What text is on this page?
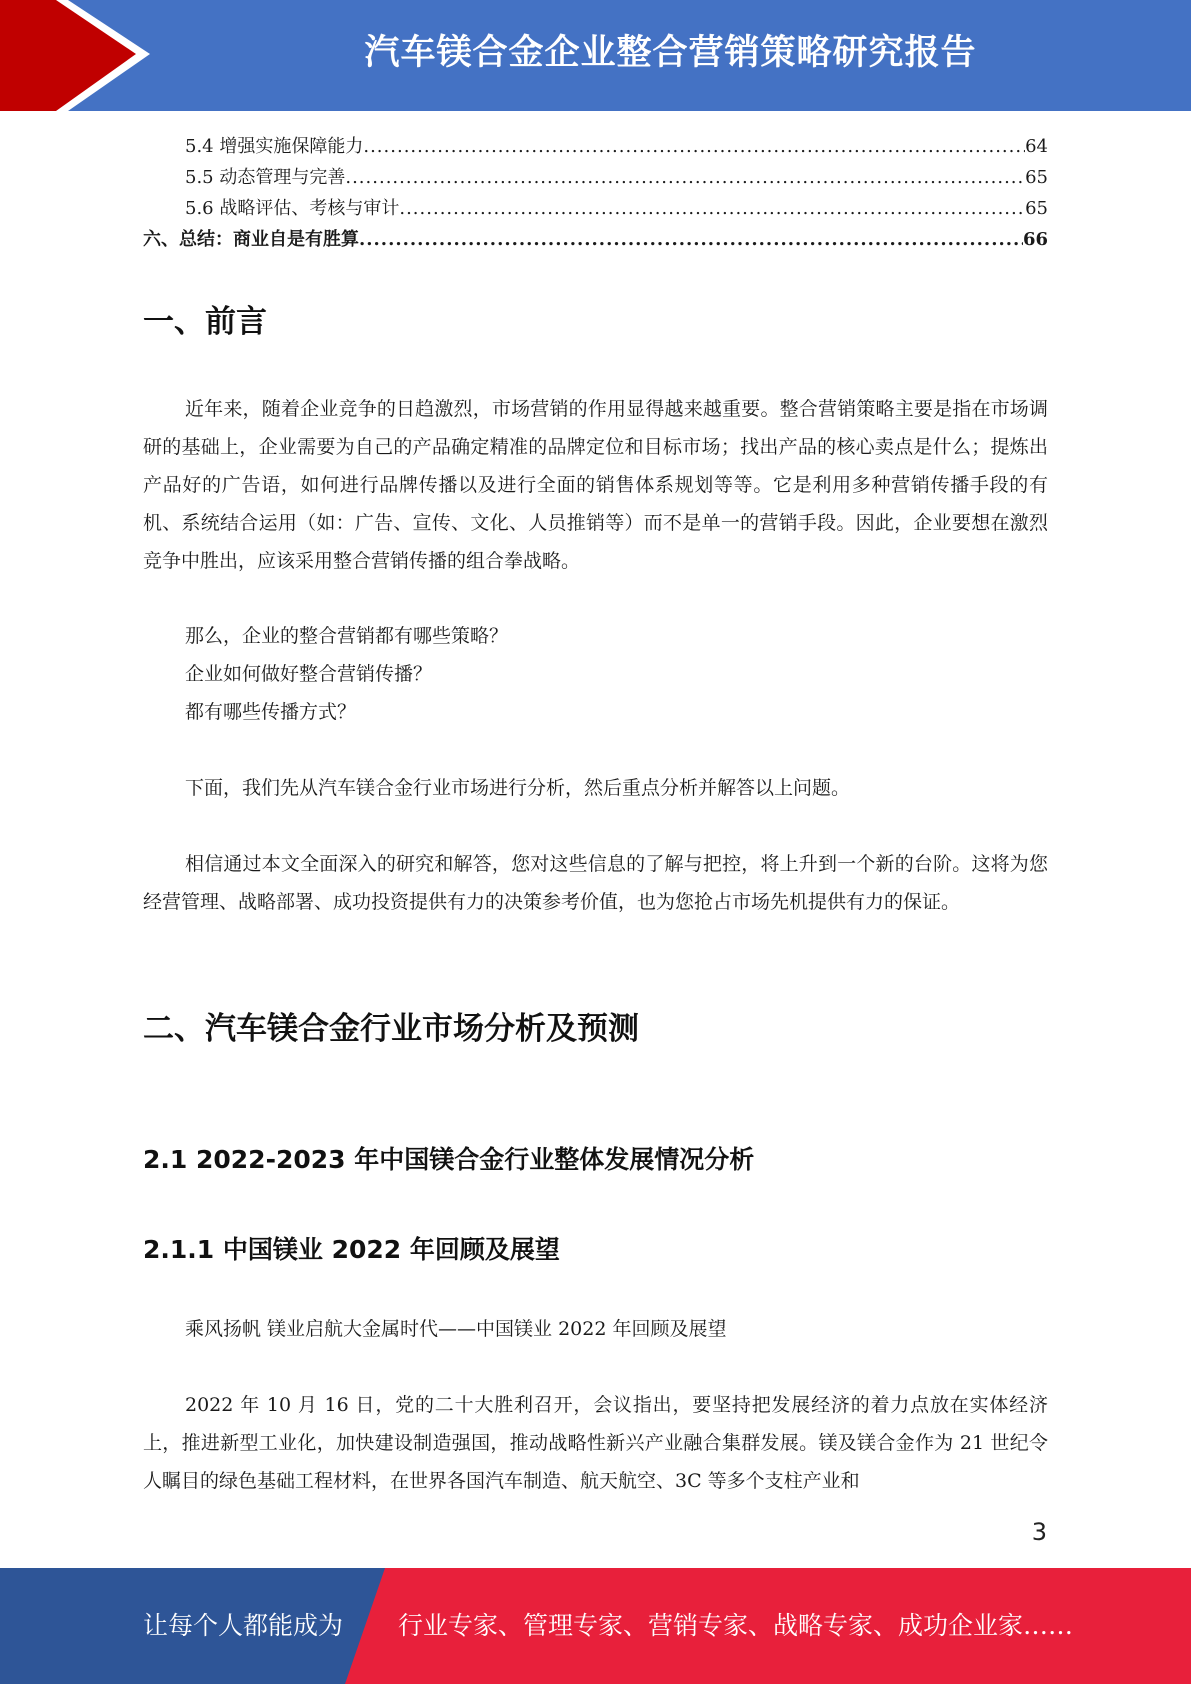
汽车镁合金企业整合营销策略研究报告
5.4 增强实施保障能力 .....	64
5.5 动态管理与完善 .....	65
5.6 战略评估、考核与审计 .....	65
六、总结：商业自是有胜算 .....	66
一、前言

近年来，随着企业竞争的日趋激烈，市场营销的作用显得越来越重要。整合营销策略主要是指在市场调研的基础上，企业需要为自己的产品确定精准的品牌定位和目标市场；找出产品的核心卖点是什么；提炼出产品好的广告语，如何进行品牌传播以及进行全面的销售体系规划等等。它是利用多种营销传播手段的有机、系统结合运用（如：广告、宣传、文化、人员推销等）而不是单一的营销手段。因此，企业要想在激烈竞争中胜出，应该采用整合营销传播的组合拳战略。

那么，企业的整合营销都有哪些策略？
企业如何做好整合营销传播？
都有哪些传播方式？

下面，我们先从汽车镁合金行业市场进行分析，然后重点分析并解答以上问题。

相信通过本文全面深入的研究和解答，您对这些信息的了解与把控，将上升到一个新的台阶。这将为您经营管理、战略部署、成功投资提供有力的决策参考价值，也为您抢占市场先机提供有力的保证。

二、汽车镁合金行业市场分析及预测
2.1 2022-2023 年中国镁合金行业整体发展情况分析
2.1.1 中国镁业 2022 年回顾及展望
乘风扬帆 镁业启航大金属时代——中国镁业 2022 年回顾及展望

2022 年 10 月 16 日，党的二十大胜利召开，会议指出，要坚持把发展经济的着力点放在实体经济上，推进新型工业化，加快建设制造强国，推动战略性新兴产业融合集群发展。镁及镁合金作为 21 世纪令人瞩目的绿色基础工程材料，在世界各国汽车制造、航天航空、3C 等多个支柱产业和

3
让每个人都能成为 行业专家、管理专家、营销专家、战略专家、成功企业家……
